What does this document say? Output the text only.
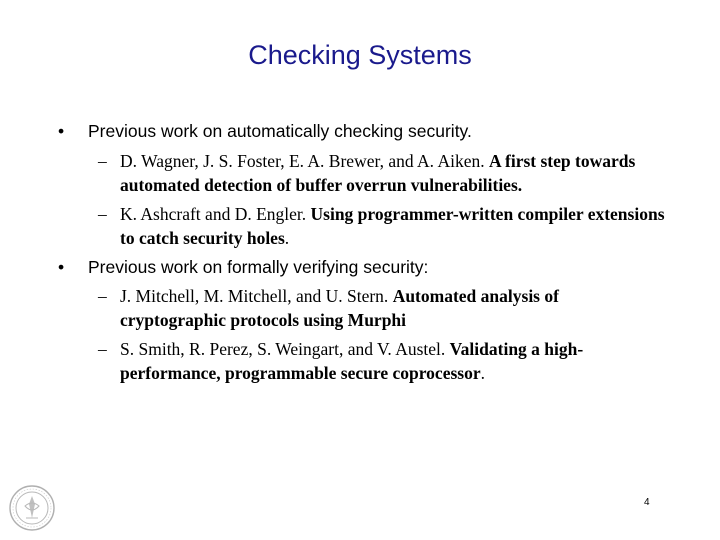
Checking Systems
• Previous work on automatically checking security.
– D. Wagner, J. S. Foster, E. A. Brewer, and A. Aiken. A first step towards automated detection of buffer overrun vulnerabilities.
– K. Ashcraft and D. Engler. Using programmer-written compiler extensions to catch security holes.
• Previous work on formally verifying security:
– J. Mitchell, M. Mitchell, and U. Stern. Automated analysis of cryptographic protocols using Murphi
– S. Smith, R. Perez, S. Weingart, and V. Austel. Validating a high-performance, programmable secure coprocessor.
4
